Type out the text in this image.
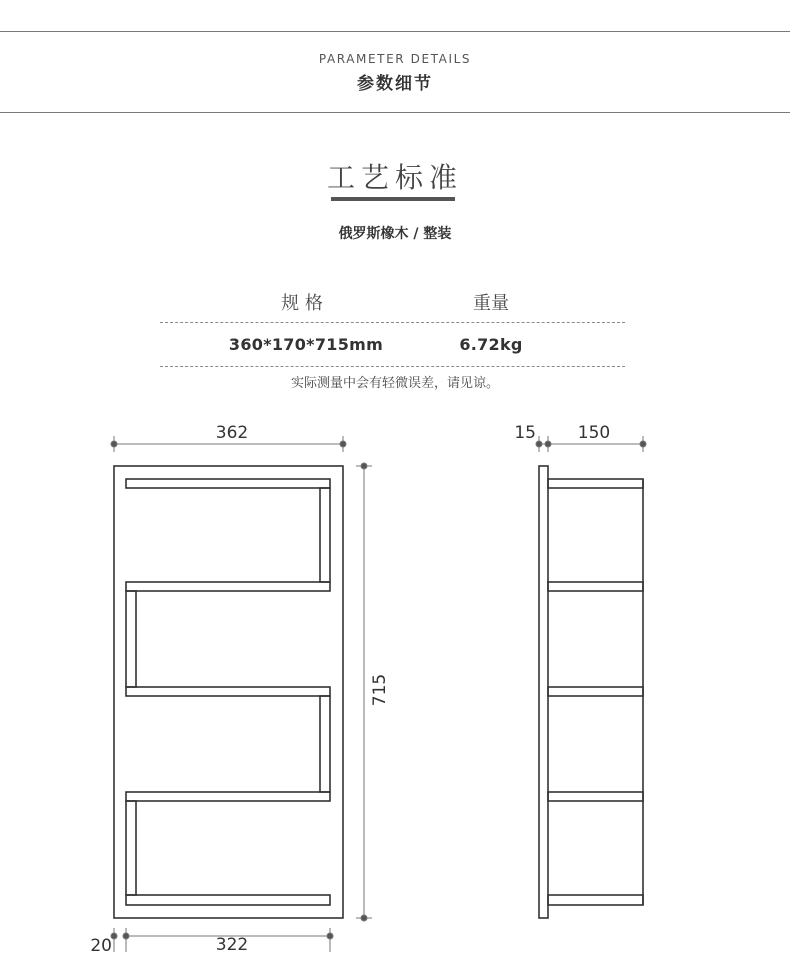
PARAMETER DETAILS
参数细节
工艺标准
俄罗斯橡木 / 整装
规 格	重量
360*170*715mm	6.72kg
实际测量中会有轻微误差，请见谅。
362
715
20	322
15	150
